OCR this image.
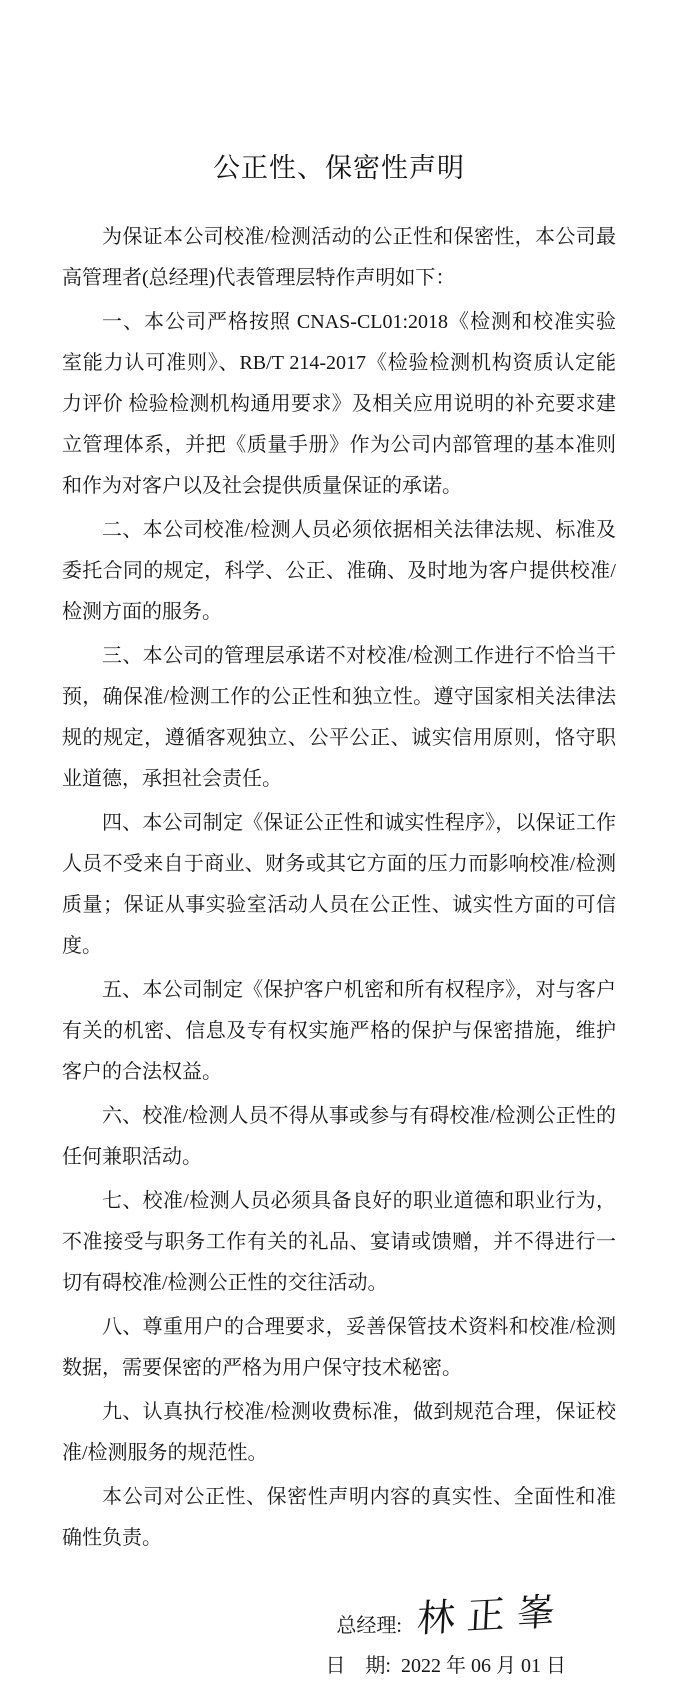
公正性、保密性声明

为保证本公司校准/检测活动的公正性和保密性，本公司最高管理者(总经理)代表管理层特作声明如下：

一、本公司严格按照 CNAS-CL01:2018《检测和校准实验室能力认可准则》、RB/T 214-2017《检验检测机构资质认定能力评价 检验检测机构通用要求》及相关应用说明的补充要求建立管理体系，并把《质量手册》作为公司内部管理的基本准则和作为对客户以及社会提供质量保证的承诺。

二、本公司校准/检测人员必须依据相关法律法规、标准及委托合同的规定，科学、公正、准确、及时地为客户提供校准/检测方面的服务。

三、本公司的管理层承诺不对校准/检测工作进行不恰当干预，确保准/检测工作的公正性和独立性。遵守国家相关法律法规的规定，遵循客观独立、公平公正、诚实信用原则，恪守职业道德，承担社会责任。

四、本公司制定《保证公正性和诚实性程序》，以保证工作人员不受来自于商业、财务或其它方面的压力而影响校准/检测质量；保证从事实验室活动人员在公正性、诚实性方面的可信度。

五、本公司制定《保护客户机密和所有权程序》，对与客户有关的机密、信息及专有权实施严格的保护与保密措施，维护客户的合法权益。

六、校准/检测人员不得从事或参与有碍校准/检测公正性的任何兼职活动。

七、校准/检测人员必须具备良好的职业道德和职业行为，不准接受与职务工作有关的礼品、宴请或馈赠，并不得进行一切有碍校准/检测公正性的交往活动。

八、尊重用户的合理要求，妥善保管技术资料和校准/检测数据，需要保密的严格为用户保守技术秘密。

九、认真执行校准/检测收费标准，做到规范合理，保证校准/检测服务的规范性。

本公司对公正性、保密性声明内容的真实性、全面性和准确性负责。

总经理: 林正峯
日　期: 2022 年 06 月 01 日
